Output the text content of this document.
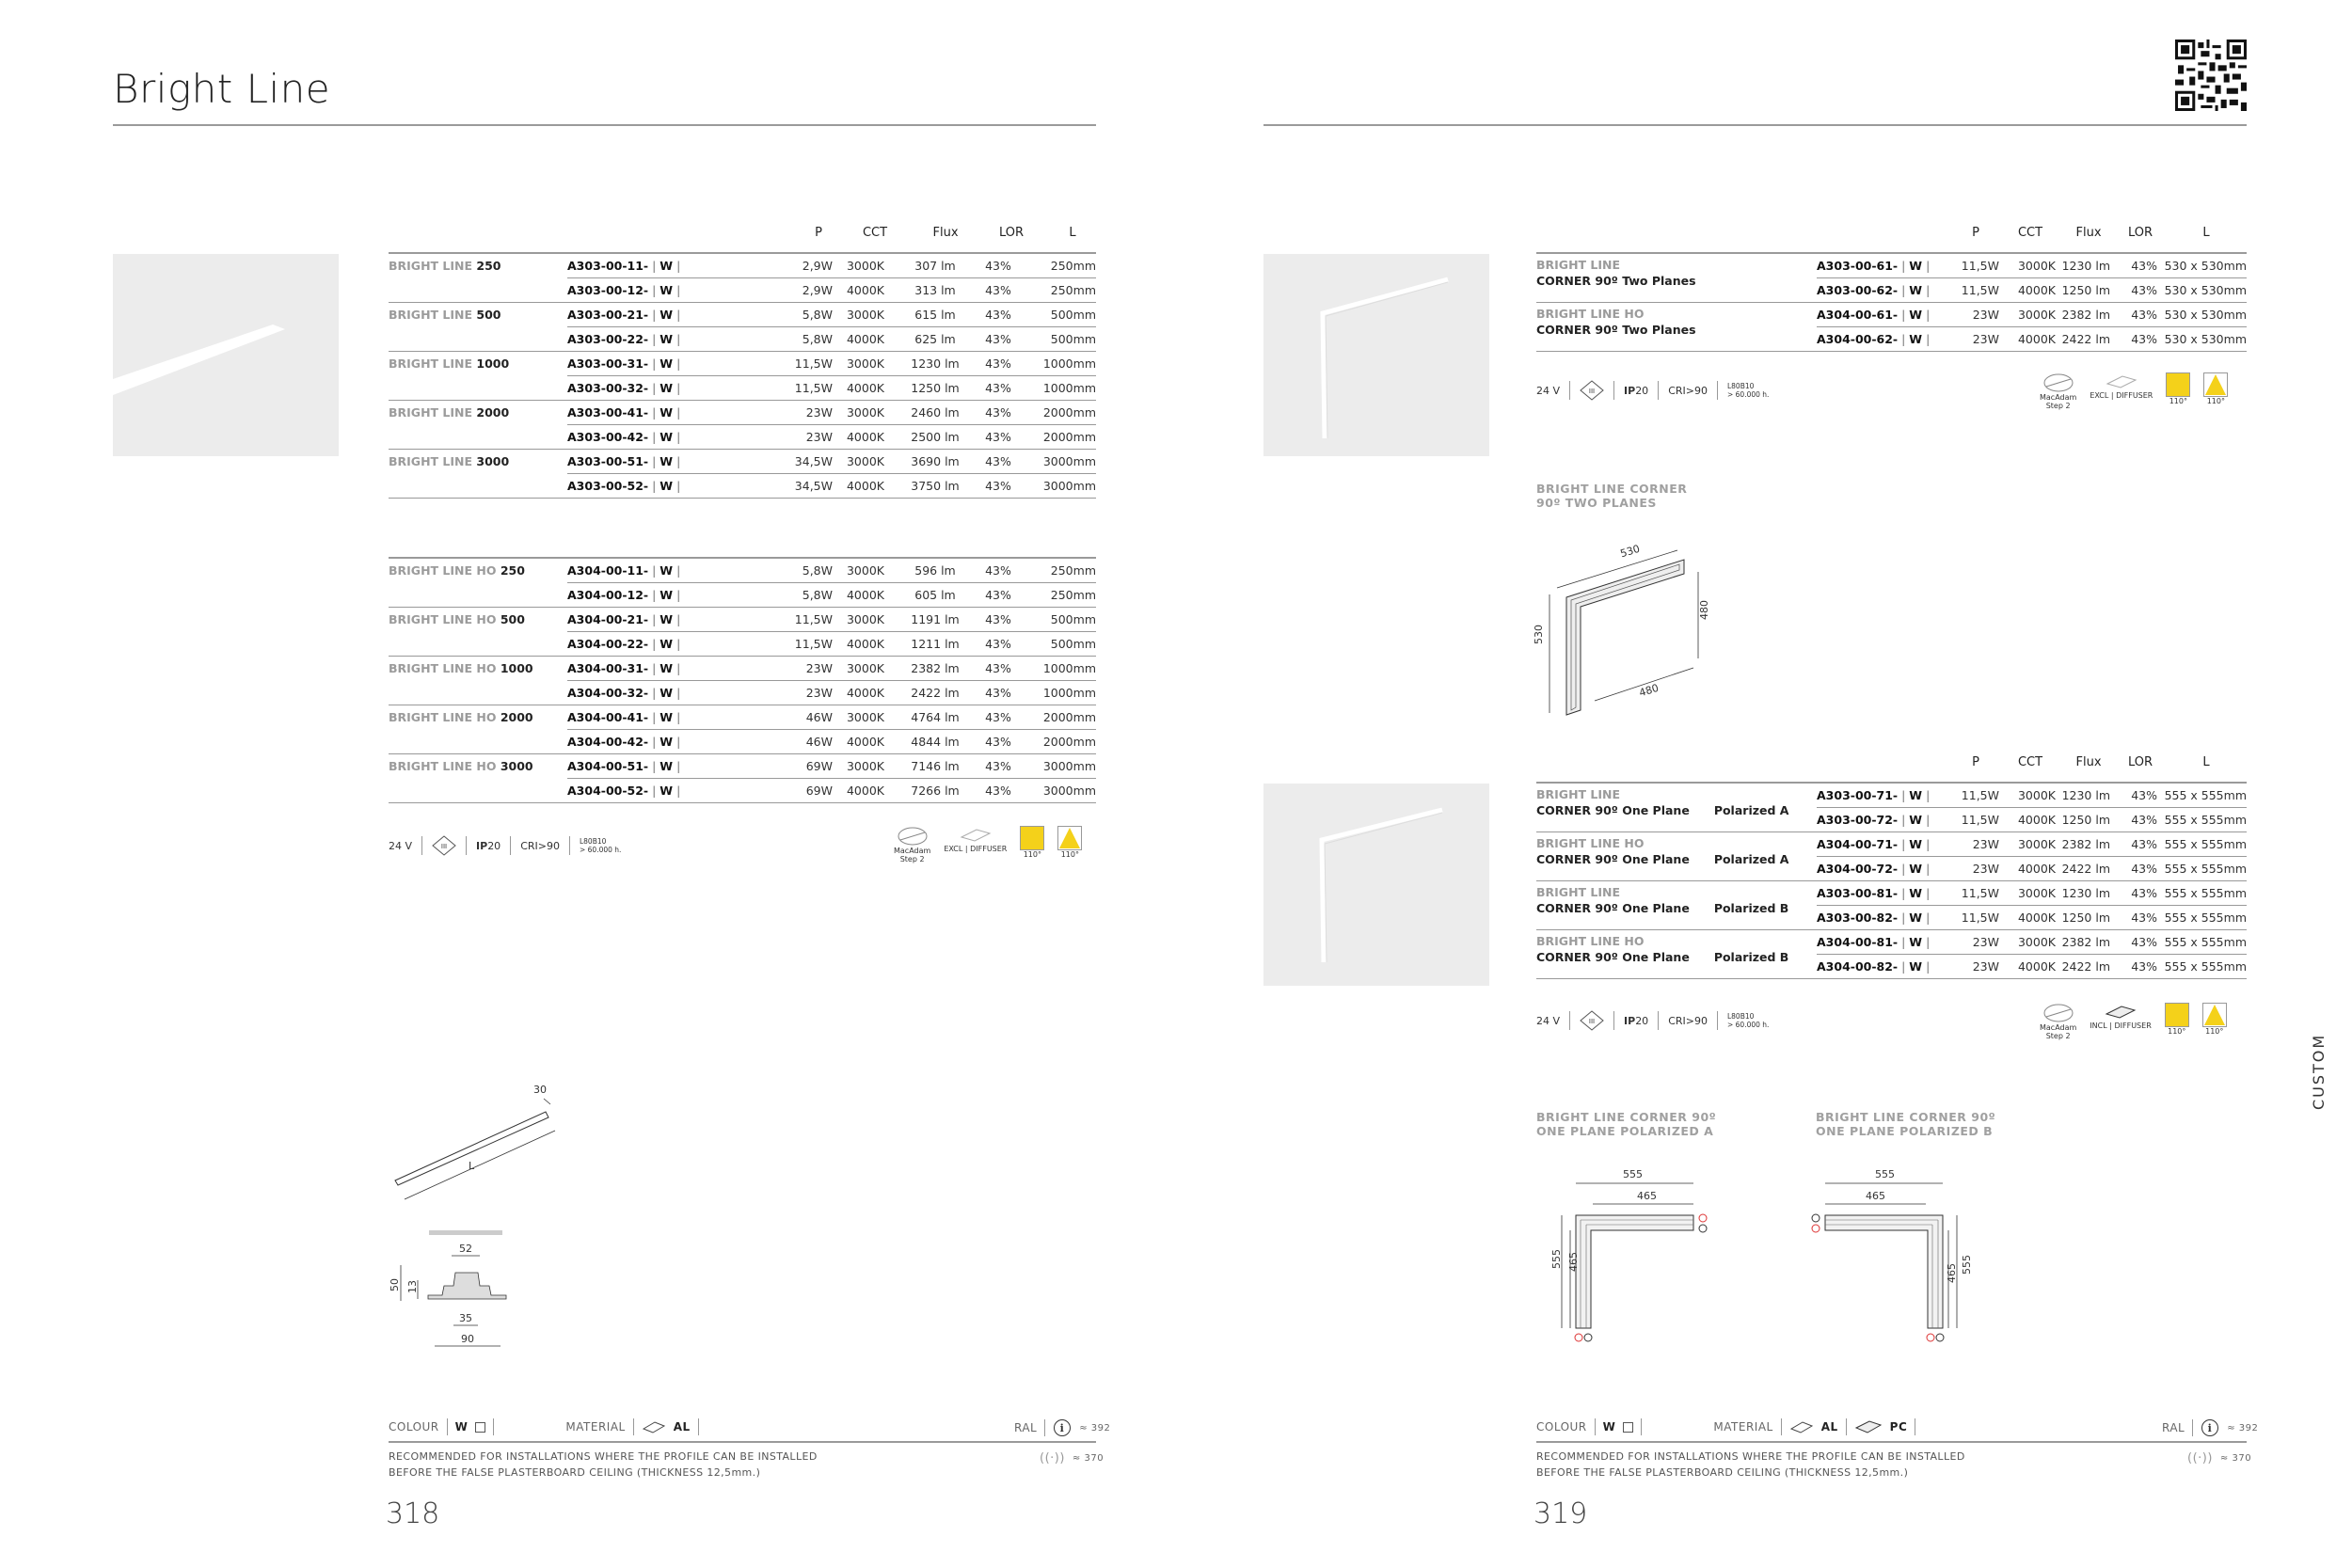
Bright Line
P	CCT	Flux	LOR	L
BRIGHT LINE 250	A303-00-11- | W |	2,9W	3000K	307 lm	43%	250mm
	A303-00-12- | W |	2,9W	4000K	313 lm	43%	250mm
BRIGHT LINE 500	A303-00-21- | W |	5,8W	3000K	615 lm	43%	500mm
	A303-00-22- | W |	5,8W	4000K	625 lm	43%	500mm
BRIGHT LINE 1000	A303-00-31- | W |	11,5W	3000K	1230 lm	43%	1000mm
	A303-00-32- | W |	11,5W	4000K	1250 lm	43%	1000mm
BRIGHT LINE 2000	A303-00-41- | W |	23W	3000K	2460 lm	43%	2000mm
	A303-00-42- | W |	23W	4000K	2500 lm	43%	2000mm
BRIGHT LINE 3000	A303-00-51- | W |	34,5W	3000K	3690 lm	43%	3000mm
	A303-00-52- | W |	34,5W	4000K	3750 lm	43%	3000mm
BRIGHT LINE HO 250	A304-00-11- | W |	5,8W	3000K	596 lm	43%	250mm
	A304-00-12- | W |	5,8W	4000K	605 lm	43%	250mm
BRIGHT LINE HO 500	A304-00-21- | W |	11,5W	3000K	1191 lm	43%	500mm
	A304-00-22- | W |	11,5W	4000K	1211 lm	43%	500mm
BRIGHT LINE HO 1000	A304-00-31- | W |	23W	3000K	2382 lm	43%	1000mm
	A304-00-32- | W |	23W	4000K	2422 lm	43%	1000mm
BRIGHT LINE HO 2000	A304-00-41- | W |	46W	3000K	4764 lm	43%	2000mm
	A304-00-42- | W |	46W	4000K	4844 lm	43%	2000mm
BRIGHT LINE HO 3000	A304-00-51- | W |	69W	3000K	7146 lm	43%	3000mm
	A304-00-52- | W |	69W	4000K	7266 lm	43%	3000mm
24 V	III	IP20 CRI>90	L80B10
> 60.000 h.	MacAdam
Step 2
EXCL | DIFFUSER
110°	110°
30
L
52
50 13
35
90
COLOUR W	MATERIAL	AL	RAL i ≈ 392
RECOMMENDED FOR INSTALLATIONS WHERE THE PROFILE CAN BE INSTALLED
BEFORE THE FALSE PLASTERBOARD CEILING (THICKNESS 12,5mm.)
((·)) ≈ 370
318
P	CCT	Flux	LOR	L
BRIGHT LINE
CORNER 90º Two Planes	A303-00-61- | W |	11,5W	3000K	1230 lm	43%	530 x 530mm
	A303-00-62- | W |	11,5W	4000K	1250 lm	43%	530 x 530mm

BRIGHT LINE HO
CORNER 90º Two Planes	A304-00-61- | W |	23W	3000K	2382 lm	43%	530 x 530mm
	A304-00-62- | W |	23W	4000K	2422 lm	43%	530 x 530mm
24 V	III	IP20 CRI>90	L80B10
> 60.000 h.	MacAdam
Step 2
EXCL | DIFFUSER
110°	110°
BRIGHT LINE CORNER
90º TWO PLANES
530
530
480
480
P	CCT	Flux	LOR	L
BRIGHT LINE
CORNER 90º One Plane Polarized A	A303-00-71- | W |	11,5W	3000K	1230 lm	43%	555 x 555mm
	A303-00-72- | W |	11,5W	4000K	1250 lm	43%	555 x 555mm

BRIGHT LINE HO
CORNER 90º One Plane Polarized A	A304-00-71- | W |	23W	3000K	2382 lm	43%	555 x 555mm
	A304-00-72- | W |	23W	4000K	2422 lm	43%	555 x 555mm

BRIGHT LINE
CORNER 90º One Plane Polarized B	A303-00-81- | W |	11,5W	3000K	1230 lm	43%	555 x 555mm
	A303-00-82- | W |	11,5W	4000K	1250 lm	43%	555 x 555mm

BRIGHT LINE HO
CORNER 90º One Plane Polarized B	A304-00-81- | W |	23W	3000K	2382 lm	43%	555 x 555mm
	A304-00-82- | W |	23W	4000K	2422 lm	43%	555 x 555mm
24 V	III	IP20 CRI>90	L80B10
> 60.000 h.	MacAdam
Step 2
INCL | DIFFUSER
110°	110°
BRIGHT LINE CORNER 90º
ONE PLANE POLARIZED A
BRIGHT LINE CORNER 90º
ONE PLANE POLARIZED B
555
465
555 465
555
465
555
465
COLOUR W	MATERIAL	AL	PC	RAL i ≈ 392
RECOMMENDED FOR INSTALLATIONS WHERE THE PROFILE CAN BE INSTALLED
BEFORE THE FALSE PLASTERBOARD CEILING (THICKNESS 12,5mm.)
((·)) ≈ 370
319
CUSTOM
